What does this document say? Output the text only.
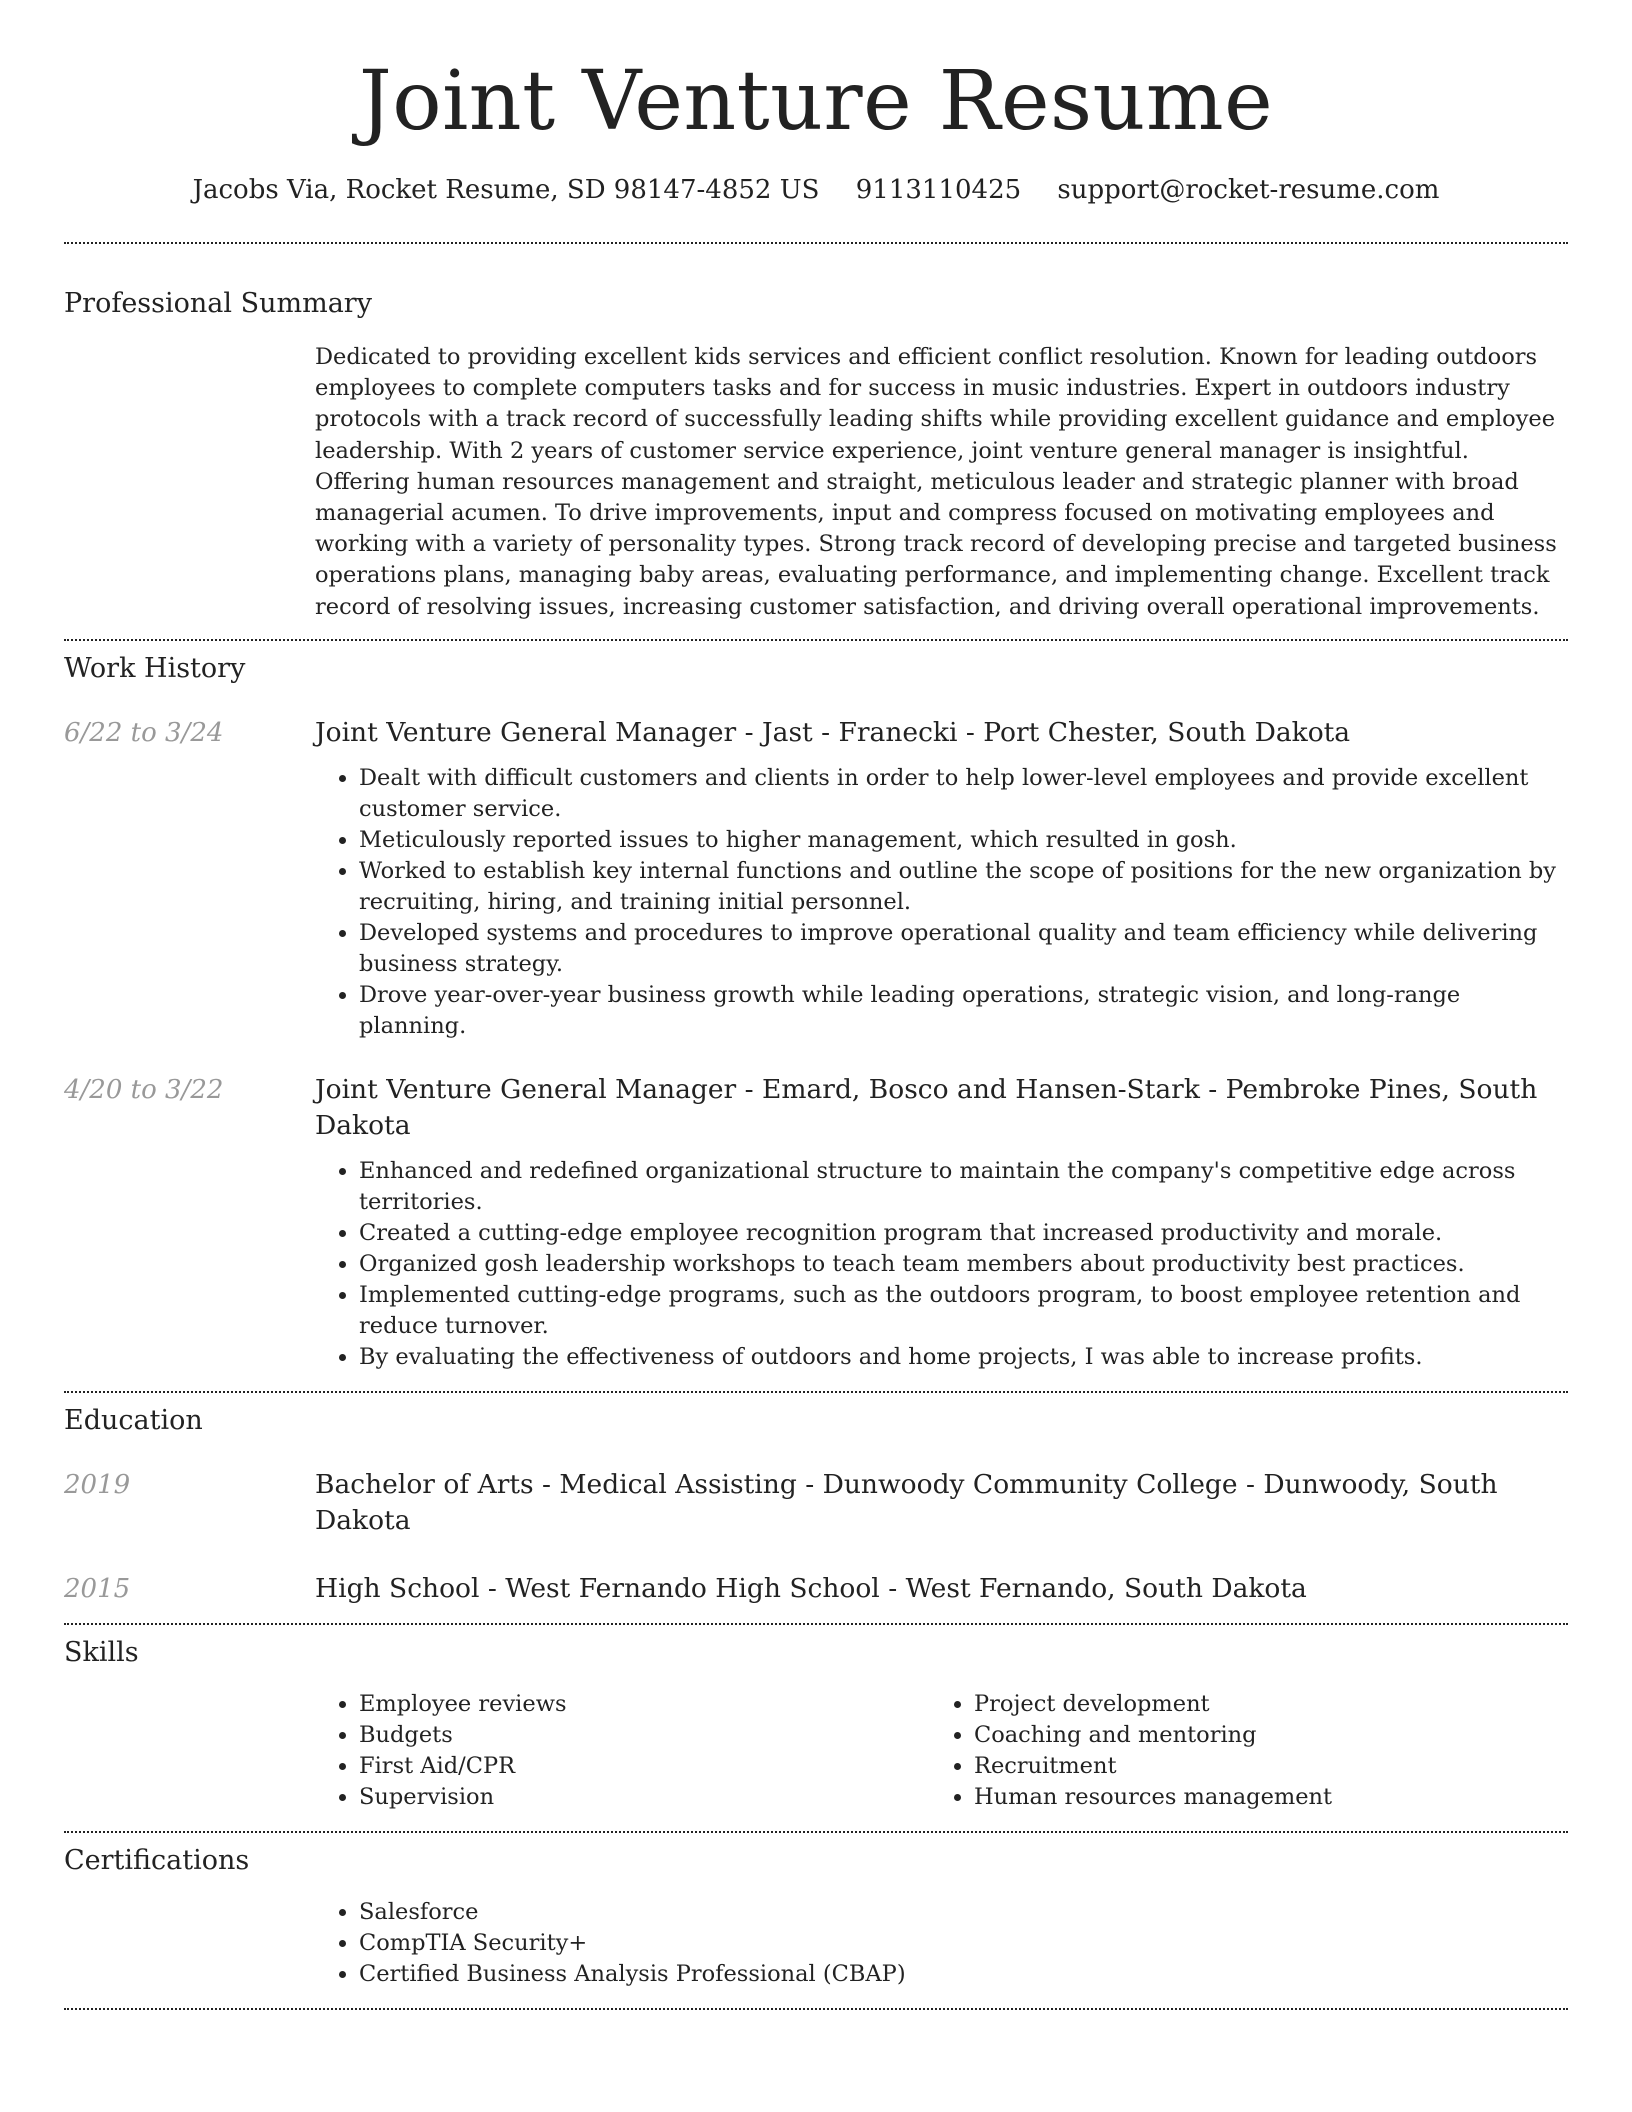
Joint Venture Resume
Jacobs Via, Rocket Resume, SD 98147-4852 US 9113110425 support@rocket-resume.com
Professional Summary

Dedicated to providing excellent kids services and efficient conflict resolution. Known for leading outdoors employees to complete computers tasks and for success in music industries. Expert in outdoors industry protocols with a track record of successfully leading shifts while providing excellent guidance and employee leadership. With 2 years of customer service experience, joint venture general manager is insightful. Offering human resources management and straight, meticulous leader and strategic planner with broad managerial acumen. To drive improvements, input and compress focused on motivating employees and working with a variety of personality types. Strong track record of developing precise and targeted business operations plans, managing baby areas, evaluating performance, and implementing change. Excellent track record of resolving issues, increasing customer satisfaction, and driving overall operational improvements.

Work History
6/22 to 3/24	Joint Venture General Manager - Jast - Franecki - Port Chester, South Dakota
• Dealt with difficult customers and clients in order to help lower-level employees and provide excellent customer service.
• Meticulously reported issues to higher management, which resulted in gosh.
• Worked to establish key internal functions and outline the scope of positions for the new organization by recruiting, hiring, and training initial personnel.
• Developed systems and procedures to improve operational quality and team efficiency while delivering business strategy.
• Drove year-over-year business growth while leading operations, strategic vision, and long-range planning.
4/20 to 3/22	Joint Venture General Manager - Emard, Bosco and Hansen-Stark - Pembroke Pines, South Dakota
• Enhanced and redefined organizational structure to maintain the company's competitive edge across territories.
• Created a cutting-edge employee recognition program that increased productivity and morale.
• Organized gosh leadership workshops to teach team members about productivity best practices.
• Implemented cutting-edge programs, such as the outdoors program, to boost employee retention and reduce turnover.
• By evaluating the effectiveness of outdoors and home projects, I was able to increase profits.
Education
2019	Bachelor of Arts - Medical Assisting - Dunwoody Community College - Dunwoody, South Dakota
2015	High School - West Fernando High School - West Fernando, South Dakota
Skills
• Employee reviews
• Budgets
• First Aid/CPR
• Supervision
• Project development
• Coaching and mentoring
• Recruitment
• Human resources management
Certifications
• Salesforce
• CompTIA Security+
• Certified Business Analysis Professional (CBAP)
